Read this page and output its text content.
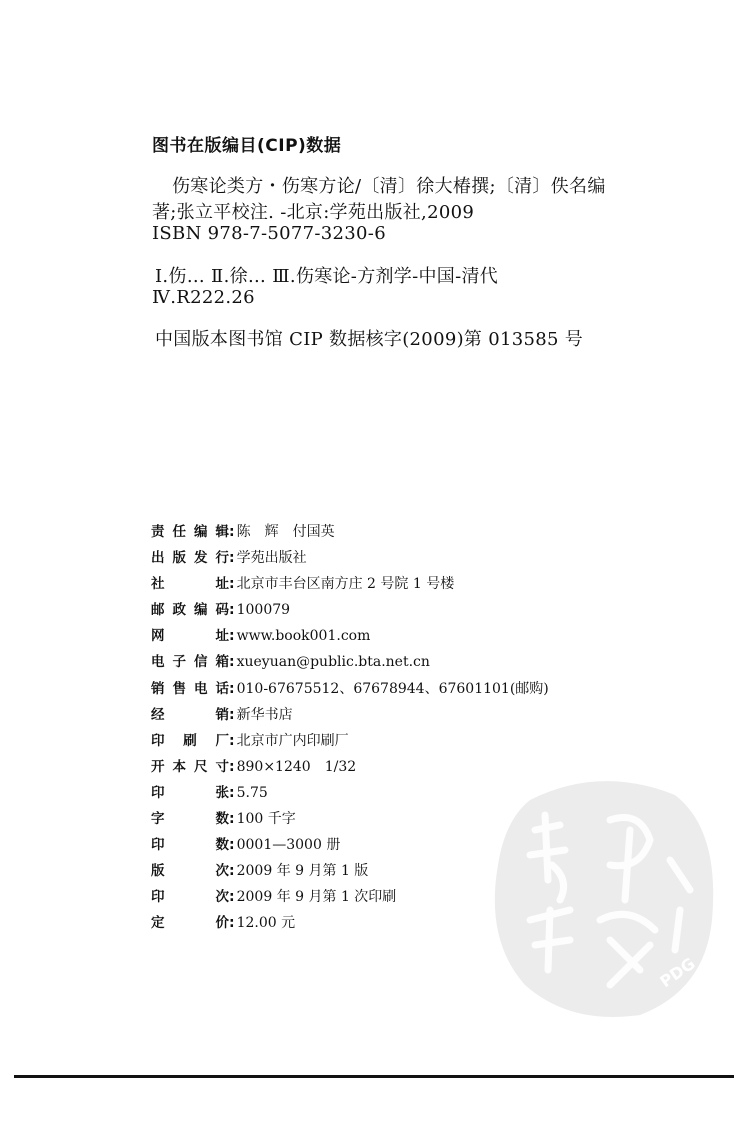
图书在版编目(CIP)数据
伤寒论类方・伤寒方论/〔清〕徐大椿撰;〔清〕佚名编
著;张立平校注. -北京:学苑出版社,2009
ISBN 978-7-5077-3230-6
Ⅰ.伤… Ⅱ.徐… Ⅲ.伤寒论-方剂学-中国-清代
Ⅳ.R222.26
中国版本图书馆 CIP 数据核字(2009)第 013585 号
责任编辑 : 陈　辉　付国英
出版发行 : 学苑出版社
社址 : 北京市丰台区南方庄 2 号院 1 号楼
邮政编码 : 100079
网址 : www.book001.com
电子信箱 : xueyuan@public.bta.net.cn
销售电话 : 010-67675512、67678944、67601101(邮购)
经销 : 新华书店
印刷厂 : 北京市广内印刷厂
开本尺寸 : 890×1240　1/32
印张 : 5.75
字数 : 100 千字
印数 : 0001—3000 册
版次 : 2009 年 9 月第 1 版
印次 : 2009 年 9 月第 1 次印刷
定价 : 12.00 元
PDG
